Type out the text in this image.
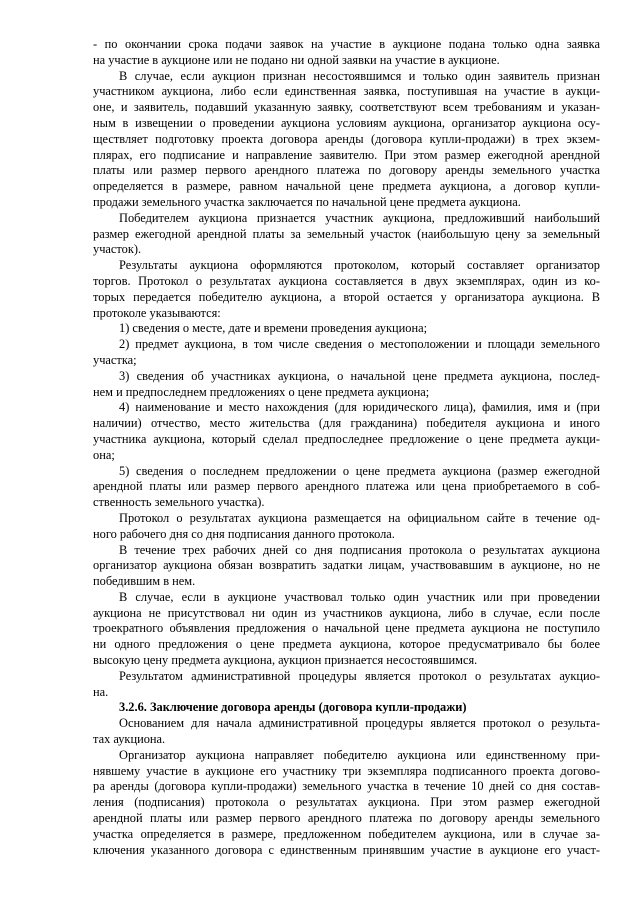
- по окончании срока подачи заявок на участие в аукционе подана только одна заявка
на участие в аукционе или не подано ни одной заявки на участие в аукционе.
В случае, если аукцион признан несостоявшимся и только один заявитель признан
участником аукциона, либо если единственная заявка, поступившая на участие в аукци-
оне, и заявитель, подавший указанную заявку, соответствуют всем требованиям и указан-
ным в извещении о проведении аукциона условиям аукциона, организатор аукциона осу-
ществляет подготовку проекта договора аренды (договора купли-продажи) в трех экзем-
плярах, его подписание и направление заявителю. При этом размер ежегодной арендной
платы или размер первого арендного платежа по договору аренды земельного участка
определяется в размере, равном начальной цене предмета аукциона, а договор купли-
продажи земельного участка заключается по начальной цене предмета аукциона.
Победителем аукциона признается участник аукциона, предложивший наибольший
размер ежегодной арендной платы за земельный участок (наибольшую цену за земельный
участок).
Результаты аукциона оформляются протоколом, который составляет организатор
торгов. Протокол о результатах аукциона составляется в двух экземплярах, один из ко-
торых передается победителю аукциона, а второй остается у организатора аукциона. В
протоколе указываются:
1) сведения о месте, дате и времени проведения аукциона;
2) предмет аукциона, в том числе сведения о местоположении и площади земельного
участка;
3) сведения об участниках аукциона, о начальной цене предмета аукциона, послед-
нем и предпоследнем предложениях о цене предмета аукциона;
4) наименование и место нахождения (для юридического лица), фамилия, имя и (при
наличии) отчество, место жительства (для гражданина) победителя аукциона и иного
участника аукциона, который сделал предпоследнее предложение о цене предмета аукци-
она;
5) сведения о последнем предложении о цене предмета аукциона (размер ежегодной
арендной платы или размер первого арендного платежа или цена приобретаемого в соб-
ственность земельного участка).
Протокол о результатах аукциона размещается на официальном сайте в течение од-
ного рабочего дня со дня подписания данного протокола.
В течение трех рабочих дней со дня подписания протокола о результатах аукциона
организатор аукциона обязан возвратить задатки лицам, участвовавшим в аукционе, но не
победившим в нем.
В случае, если в аукционе участвовал только один участник или при проведении
аукциона не присутствовал ни один из участников аукциона, либо в случае, если после
троекратного объявления предложения о начальной цене предмета аукциона не поступило
ни одного предложения о цене предмета аукциона, которое предусматривало бы более
высокую цену предмета аукциона, аукцион признается несостоявшимся.
Результатом административной процедуры является протокол о результатах аукцио-
на.
3.2.6. Заключение договора аренды (договора купли-продажи)
Основанием для начала административной процедуры является протокол о результа-
тах аукциона.
Организатор аукциона направляет победителю аукциона или единственному при-
нявшему участие в аукционе его участнику три экземпляра подписанного проекта догово-
ра аренды (договора купли-продажи) земельного участка в течение 10 дней со дня состав-
ления (подписания) протокола о результатах аукциона. При этом размер ежегодной
арендной платы или размер первого арендного платежа по договору аренды земельного
участка определяется в размере, предложенном победителем аукциона, или в случае за-
ключения указанного договора с единственным принявшим участие в аукционе его участ-
